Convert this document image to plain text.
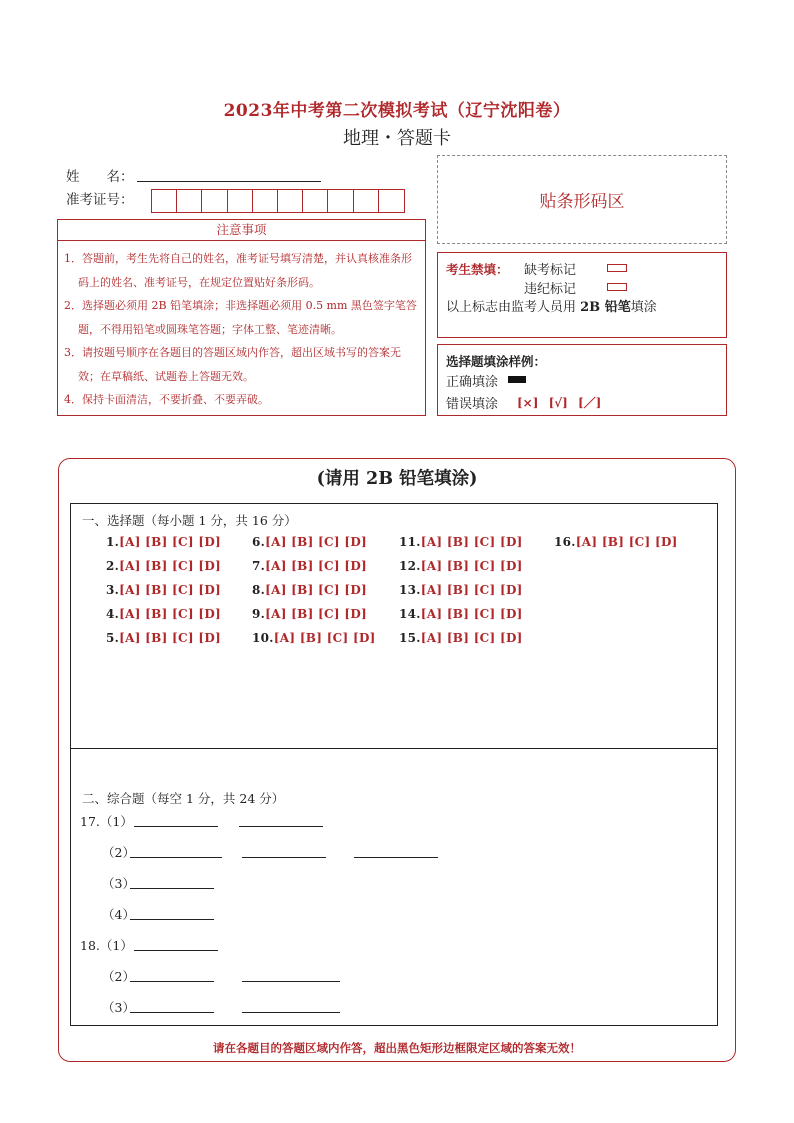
2023年中考第二次模拟考试（辽宁沈阳卷）
地理・答题卡
姓　　名：
准考证号：	贴条形码区
注意事项
1．答题前，考生先将自己的姓名，准考证号填写清楚，并认真核准条形码上的姓名、准考证号，在规定位置贴好条形码。
2．选择题必须用 2B 铅笔填涂；非选择题必须用 0.5 mm 黑色签字笔答题，不得用铅笔或圆珠笔答题；字体工整、笔迹清晰。
3．请按题号顺序在各题目的答题区域内作答，超出区域书写的答案无效；在草稿纸、试题卷上答题无效。
4．保持卡面清洁，不要折叠、不要弄破。
考生禁填： 缺考标记
违纪标记
以上标志由监考人员用 2B 铅笔填涂
选择题填涂样例：
正确填涂
错误填涂 [×] [√] [／]
(请用 2B 铅笔填涂)
一、选择题（每小题 1 分，共 16 分）
1.[A] [B] [C] [D]
2.[A] [B] [C] [D]
3.[A] [B] [C] [D]
4.[A] [B] [C] [D]
5.[A] [B] [C] [D]
6.[A] [B] [C] [D]
7.[A] [B] [C] [D]
8.[A] [B] [C] [D]
9.[A] [B] [C] [D]
10.[A] [B] [C] [D]
11.[A] [B] [C] [D]
12.[A] [B] [C] [D]
13.[A] [B] [C] [D]
14.[A] [B] [C] [D]
15.[A] [B] [C] [D]
16.[A] [B] [C] [D]
二、综合题（每空 1 分，共 24 分）
17.（1）
（2）
（3）
（4）
18.（1）
（2）
（3）
请在各题目的答题区域内作答，超出黑色矩形边框限定区域的答案无效！
